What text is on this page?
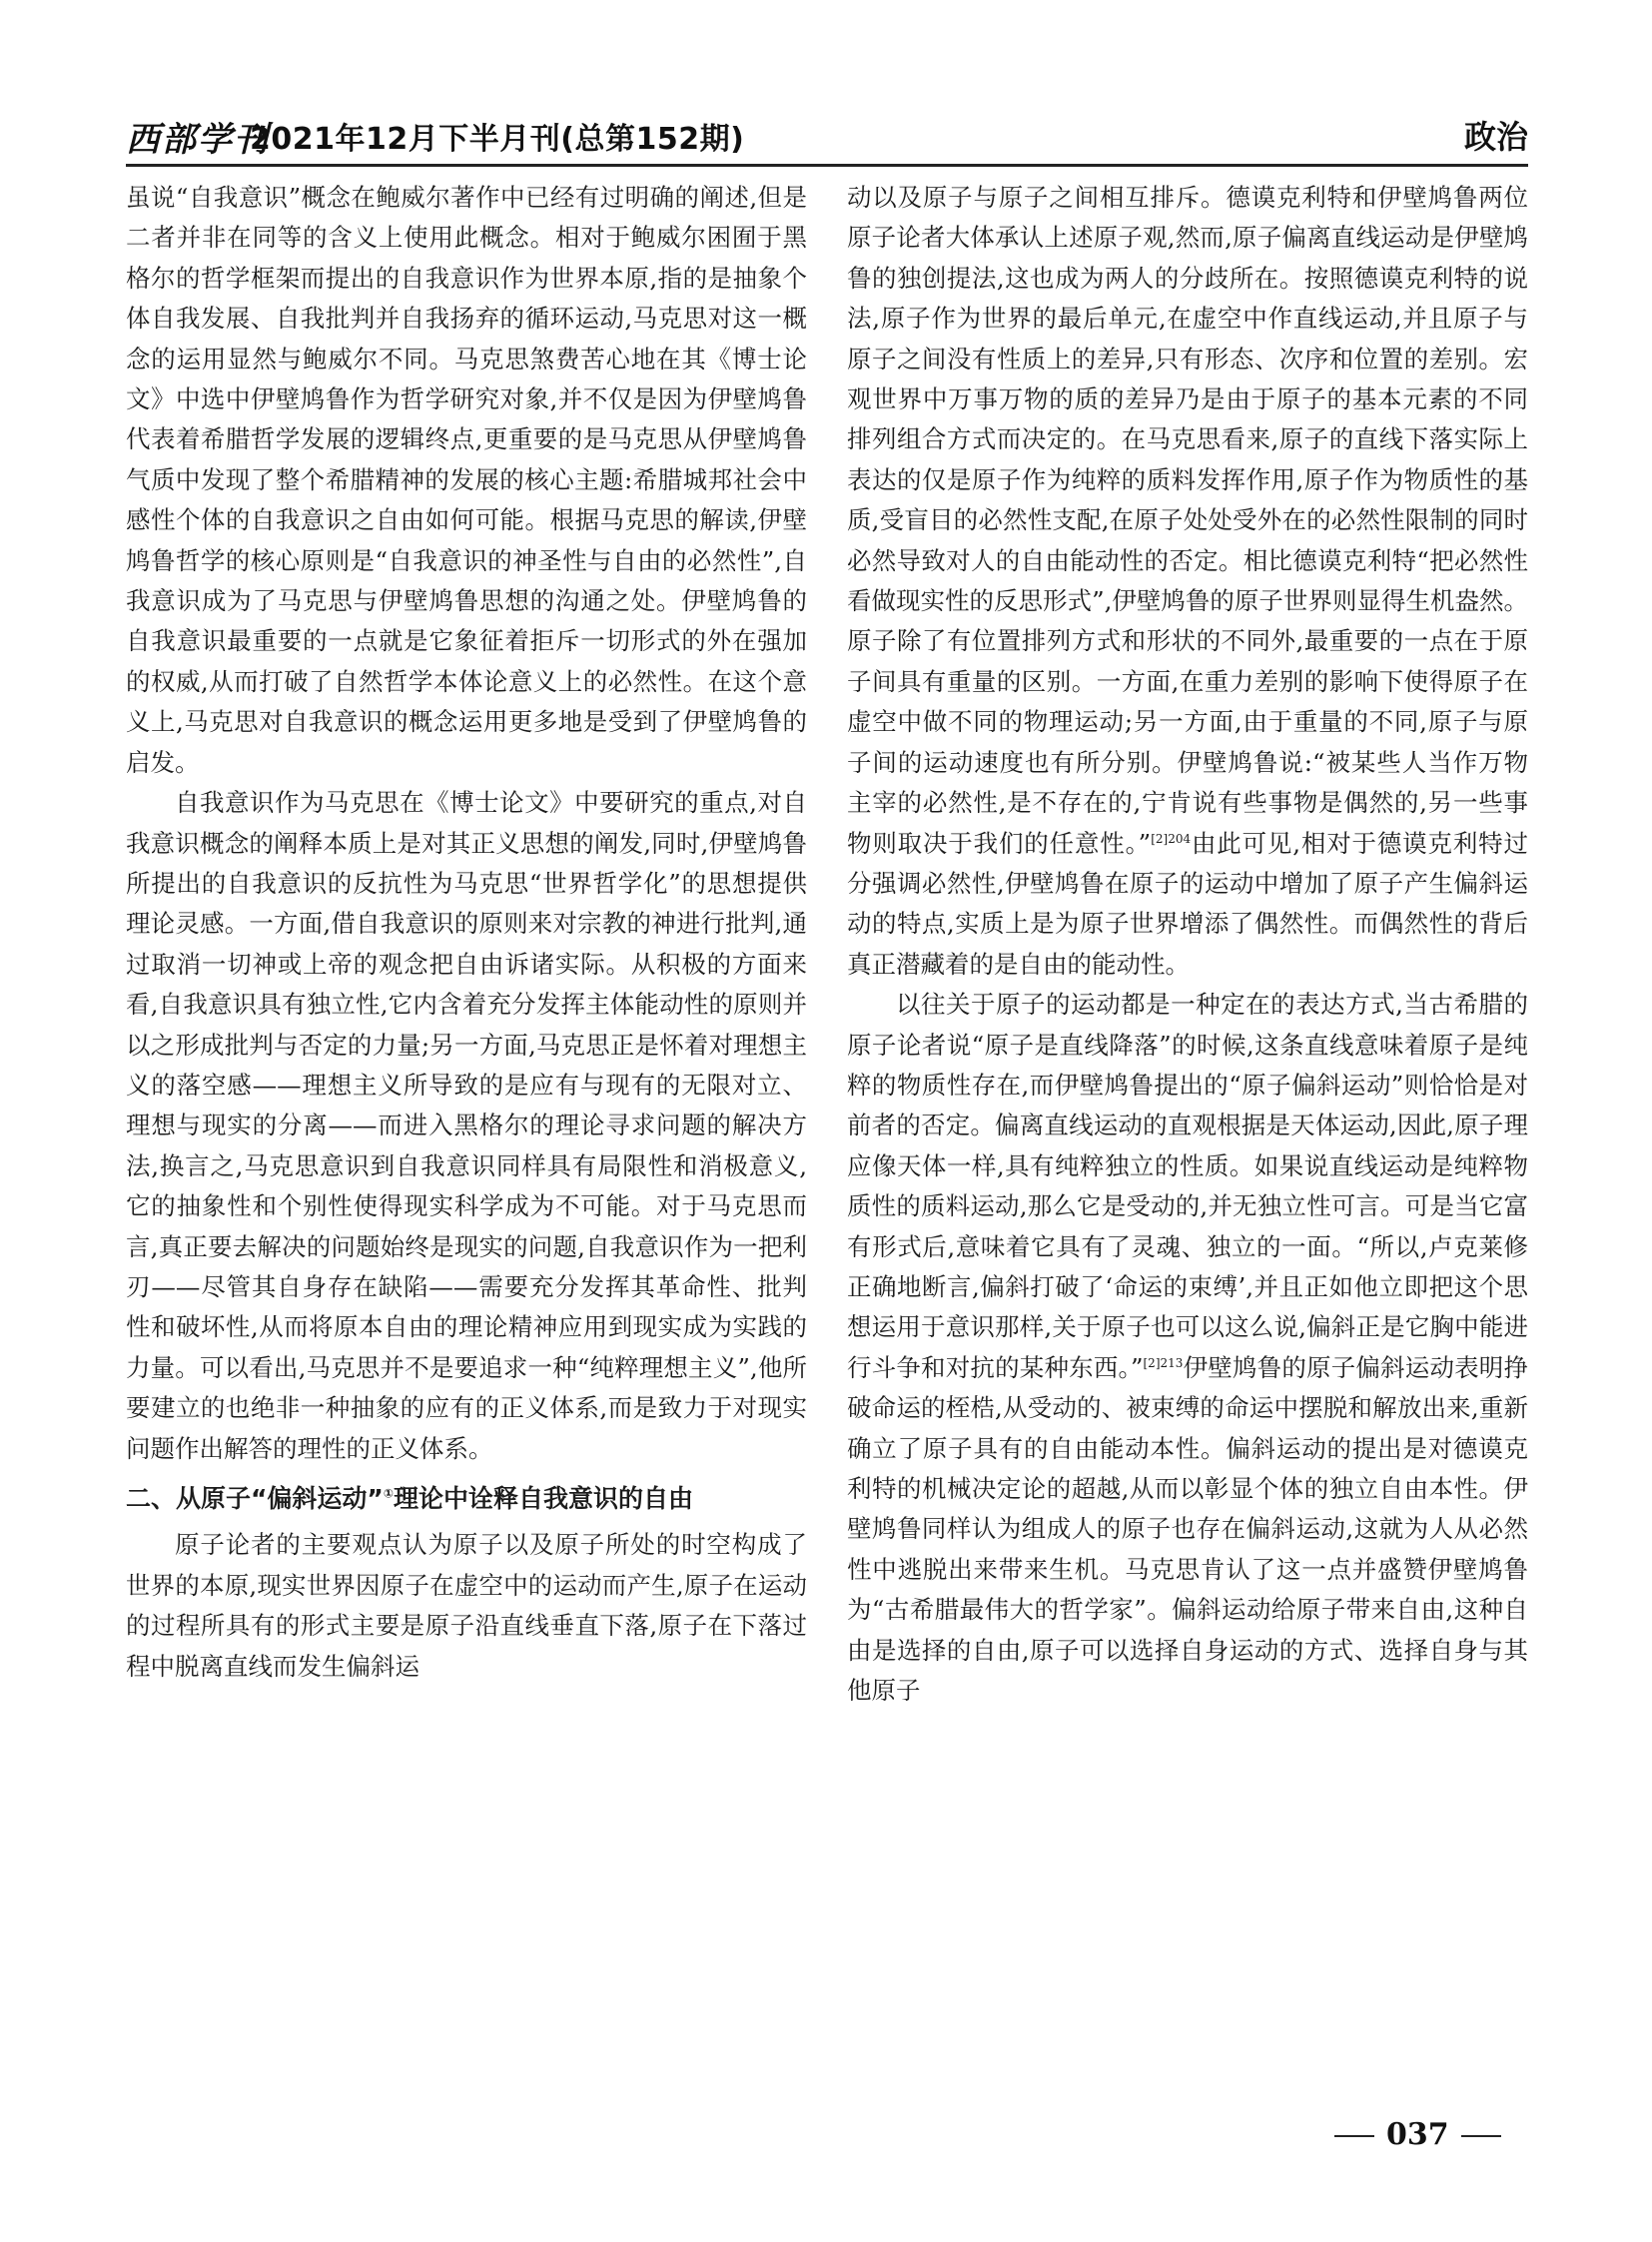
西部学刊
2021年12月下半月刊(总第152期)	政治

虽说“自我意识”概念在鲍威尔著作中已经有过明确的阐述,但是二者并非在同等的含义上使用此概念。相对于鲍威尔困囿于黑格尔的哲学框架而提出的自我意识作为世界本原,指的是抽象个体自我发展、自我批判并自我扬弃的循环运动,马克思对这一概念的运用显然与鲍威尔不同。马克思煞费苦心地在其《博士论文》中选中伊壁鸠鲁作为哲学研究对象,并不仅是因为伊壁鸠鲁代表着希腊哲学发展的逻辑终点,更重要的是马克思从伊壁鸠鲁气质中发现了整个希腊精神的发展的核心主题:希腊城邦社会中感性个体的自我意识之自由如何可能。根据马克思的解读,伊壁鸠鲁哲学的核心原则是“自我意识的神圣性与自由的必然性”,自我意识成为了马克思与伊壁鸠鲁思想的沟通之处。伊壁鸠鲁的自我意识最重要的一点就是它象征着拒斥一切形式的外在强加的权威,从而打破了自然哲学本体论意义上的必然性。在这个意义上,马克思对自我意识的概念运用更多地是受到了伊壁鸠鲁的启发。

自我意识作为马克思在《博士论文》中要研究的重点,对自我意识概念的阐释本质上是对其正义思想的阐发,同时,伊壁鸠鲁所提出的自我意识的反抗性为马克思“世界哲学化”的思想提供理论灵感。一方面,借自我意识的原则来对宗教的神进行批判,通过取消一切神或上帝的观念把自由诉诸实际。从积极的方面来看,自我意识具有独立性,它内含着充分发挥主体能动性的原则并以之形成批判与否定的力量;另一方面,马克思正是怀着对理想主义的落空感——理想主义所导致的是应有与现有的无限对立、理想与现实的分离——而进入黑格尔的理论寻求问题的解决方法,换言之,马克思意识到自我意识同样具有局限性和消极意义,它的抽象性和个别性使得现实科学成为不可能。对于马克思而言,真正要去解决的问题始终是现实的问题,自我意识作为一把利刃——尽管其自身存在缺陷——需要充分发挥其革命性、批判性和破坏性,从而将原本自由的理论精神应用到现实成为实践的力量。可以看出,马克思并不是要追求一种“纯粹理想主义”,他所要建立的也绝非一种抽象的应有的正义体系,而是致力于对现实问题作出解答的理性的正义体系。

二、从原子“偏斜运动”①理论中诠释自我意识的自由

原子论者的主要观点认为原子以及原子所处的时空构成了世界的本原,现实世界因原子在虚空中的运动而产生,原子在运动的过程所具有的形式主要是原子沿直线垂直下落,原子在下落过程中脱离直线而发生偏斜运

动以及原子与原子之间相互排斥。德谟克利特和伊壁鸠鲁两位原子论者大体承认上述原子观,然而,原子偏离直线运动是伊壁鸠鲁的独创提法,这也成为两人的分歧所在。按照德谟克利特的说法,原子作为世界的最后单元,在虚空中作直线运动,并且原子与原子之间没有性质上的差异,只有形态、次序和位置的差别。宏观世界中万事万物的质的差异乃是由于原子的基本元素的不同排列组合方式而决定的。在马克思看来,原子的直线下落实际上表达的仅是原子作为纯粹的质料发挥作用,原子作为物质性的基质,受盲目的必然性支配,在原子处处受外在的必然性限制的同时必然导致对人的自由能动性的否定。相比德谟克利特“把必然性看做现实性的反思形式”,伊壁鸠鲁的原子世界则显得生机盎然。原子除了有位置排列方式和形状的不同外,最重要的一点在于原子间具有重量的区别。一方面,在重力差别的影响下使得原子在虚空中做不同的物理运动;另一方面,由于重量的不同,原子与原子间的运动速度也有所分别。伊壁鸠鲁说:“被某些人当作万物主宰的必然性,是不存在的,宁肯说有些事物是偶然的,另一些事物则取决于我们的任意性。”$^{[2]204}$由此可见,相对于德谟克利特过分强调必然性,伊壁鸠鲁在原子的运动中增加了原子产生偏斜运动的特点,实质上是为原子世界增添了偶然性。而偶然性的背后真正潜藏着的是自由的能动性。

以往关于原子的运动都是一种定在的表达方式,当古希腊的原子论者说“原子是直线降落”的时候,这条直线意味着原子是纯粹的物质性存在,而伊壁鸠鲁提出的“原子偏斜运动”则恰恰是对前者的否定。偏离直线运动的直观根据是天体运动,因此,原子理应像天体一样,具有纯粹独立的性质。如果说直线运动是纯粹物质性的质料运动,那么它是受动的,并无独立性可言。可是当它富有形式后,意味着它具有了灵魂、独立的一面。“所以,卢克莱修正确地断言,偏斜打破了‘命运的束缚’,并且正如他立即把这个思想运用于意识那样,关于原子也可以这么说,偏斜正是它胸中能进行斗争和对抗的某种东西。”$^{[2]213}$伊壁鸠鲁的原子偏斜运动表明挣破命运的桎梏,从受动的、被束缚的命运中摆脱和解放出来,重新确立了原子具有的自由能动本性。偏斜运动的提出是对德谟克利特的机械决定论的超越,从而以彰显个体的独立自由本性。伊壁鸠鲁同样认为组成人的原子也存在偏斜运动,这就为人从必然性中逃脱出来带来生机。马克思肯认了这一点并盛赞伊壁鸠鲁为“古希腊最伟大的哲学家”。偏斜运动给原子带来自由,这种自由是选择的自由,原子可以选择自身运动的方式、选择自身与其他原子

037
